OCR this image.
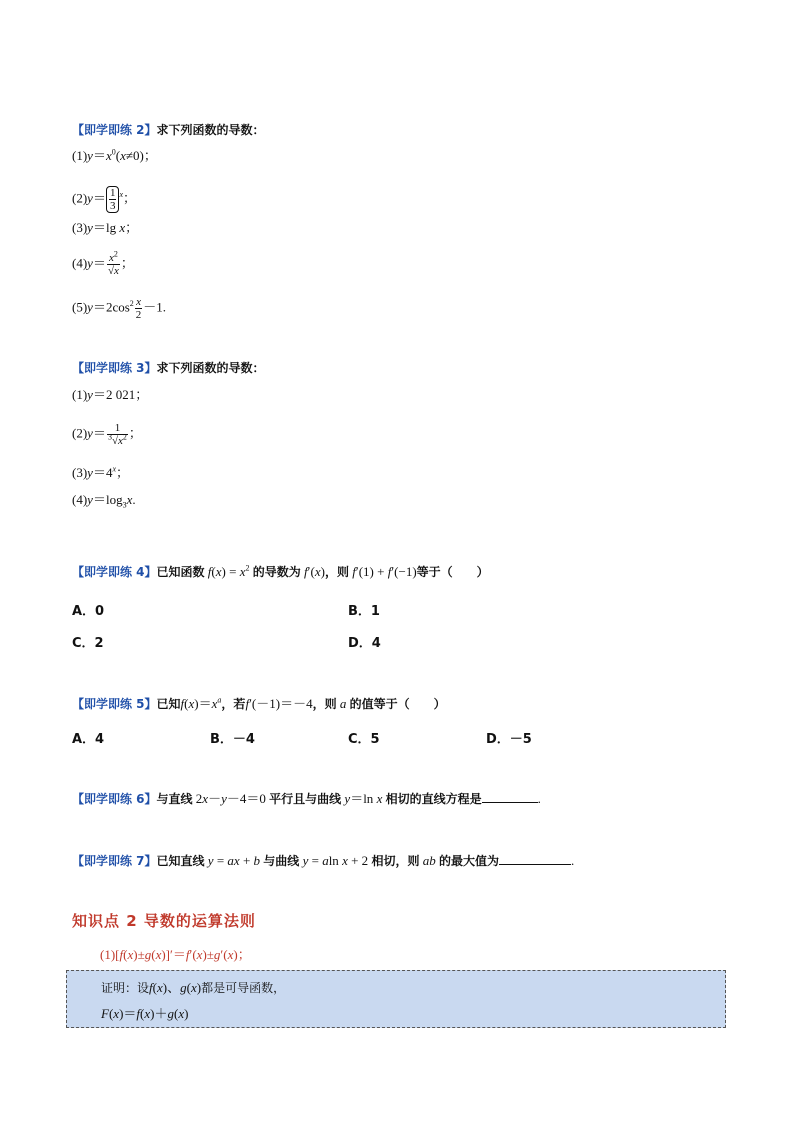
【即学即练 2】求下列函数的导数：
$(1)y=x^0(x\ne 0)$；
$(2)y= \frac{1}{3} ^x$；
(3)y＝lg x；
$(4)y= \frac{x^2}{√x}$ ；
$(5)y=2\cos^2 \frac{x}{2} -1$.
【即学即练 3】求下列函数的导数：
(1)y＝2 021；
$(2)y= \frac{1}{^3√x^2}$ ；
$(3)y=4^x$；
$(4)y=\log_3x$.
【即学即练 4】已知函数 $f(x) = x^2$ 的导数为 f′(x)，则 f′(1) + f′(−1)等于（　　）
A．0	B．1
C．2	D．4
【即学即练 5】已知$f(x)=x^a$，若f′(－1)＝－4，则 a 的值等于（　　）
A．4	B．－4	C．5	D．－5
【即学即练 6】与直线 2x－y－4＝0 平行且与曲线 y＝ln x 相切的直线方程是	.
【即学即练 7】已知直线 y = ax + b 与曲线 y = aln x + 2 相切，则 ab 的最大值为	.
知识点 2 导数的运算法则
(1)[f(x)±g(x)]′＝f′(x)±g′(x)；
证明：设f(x)、g(x)都是可导函数，
F(x)＝f(x)＋g(x)
